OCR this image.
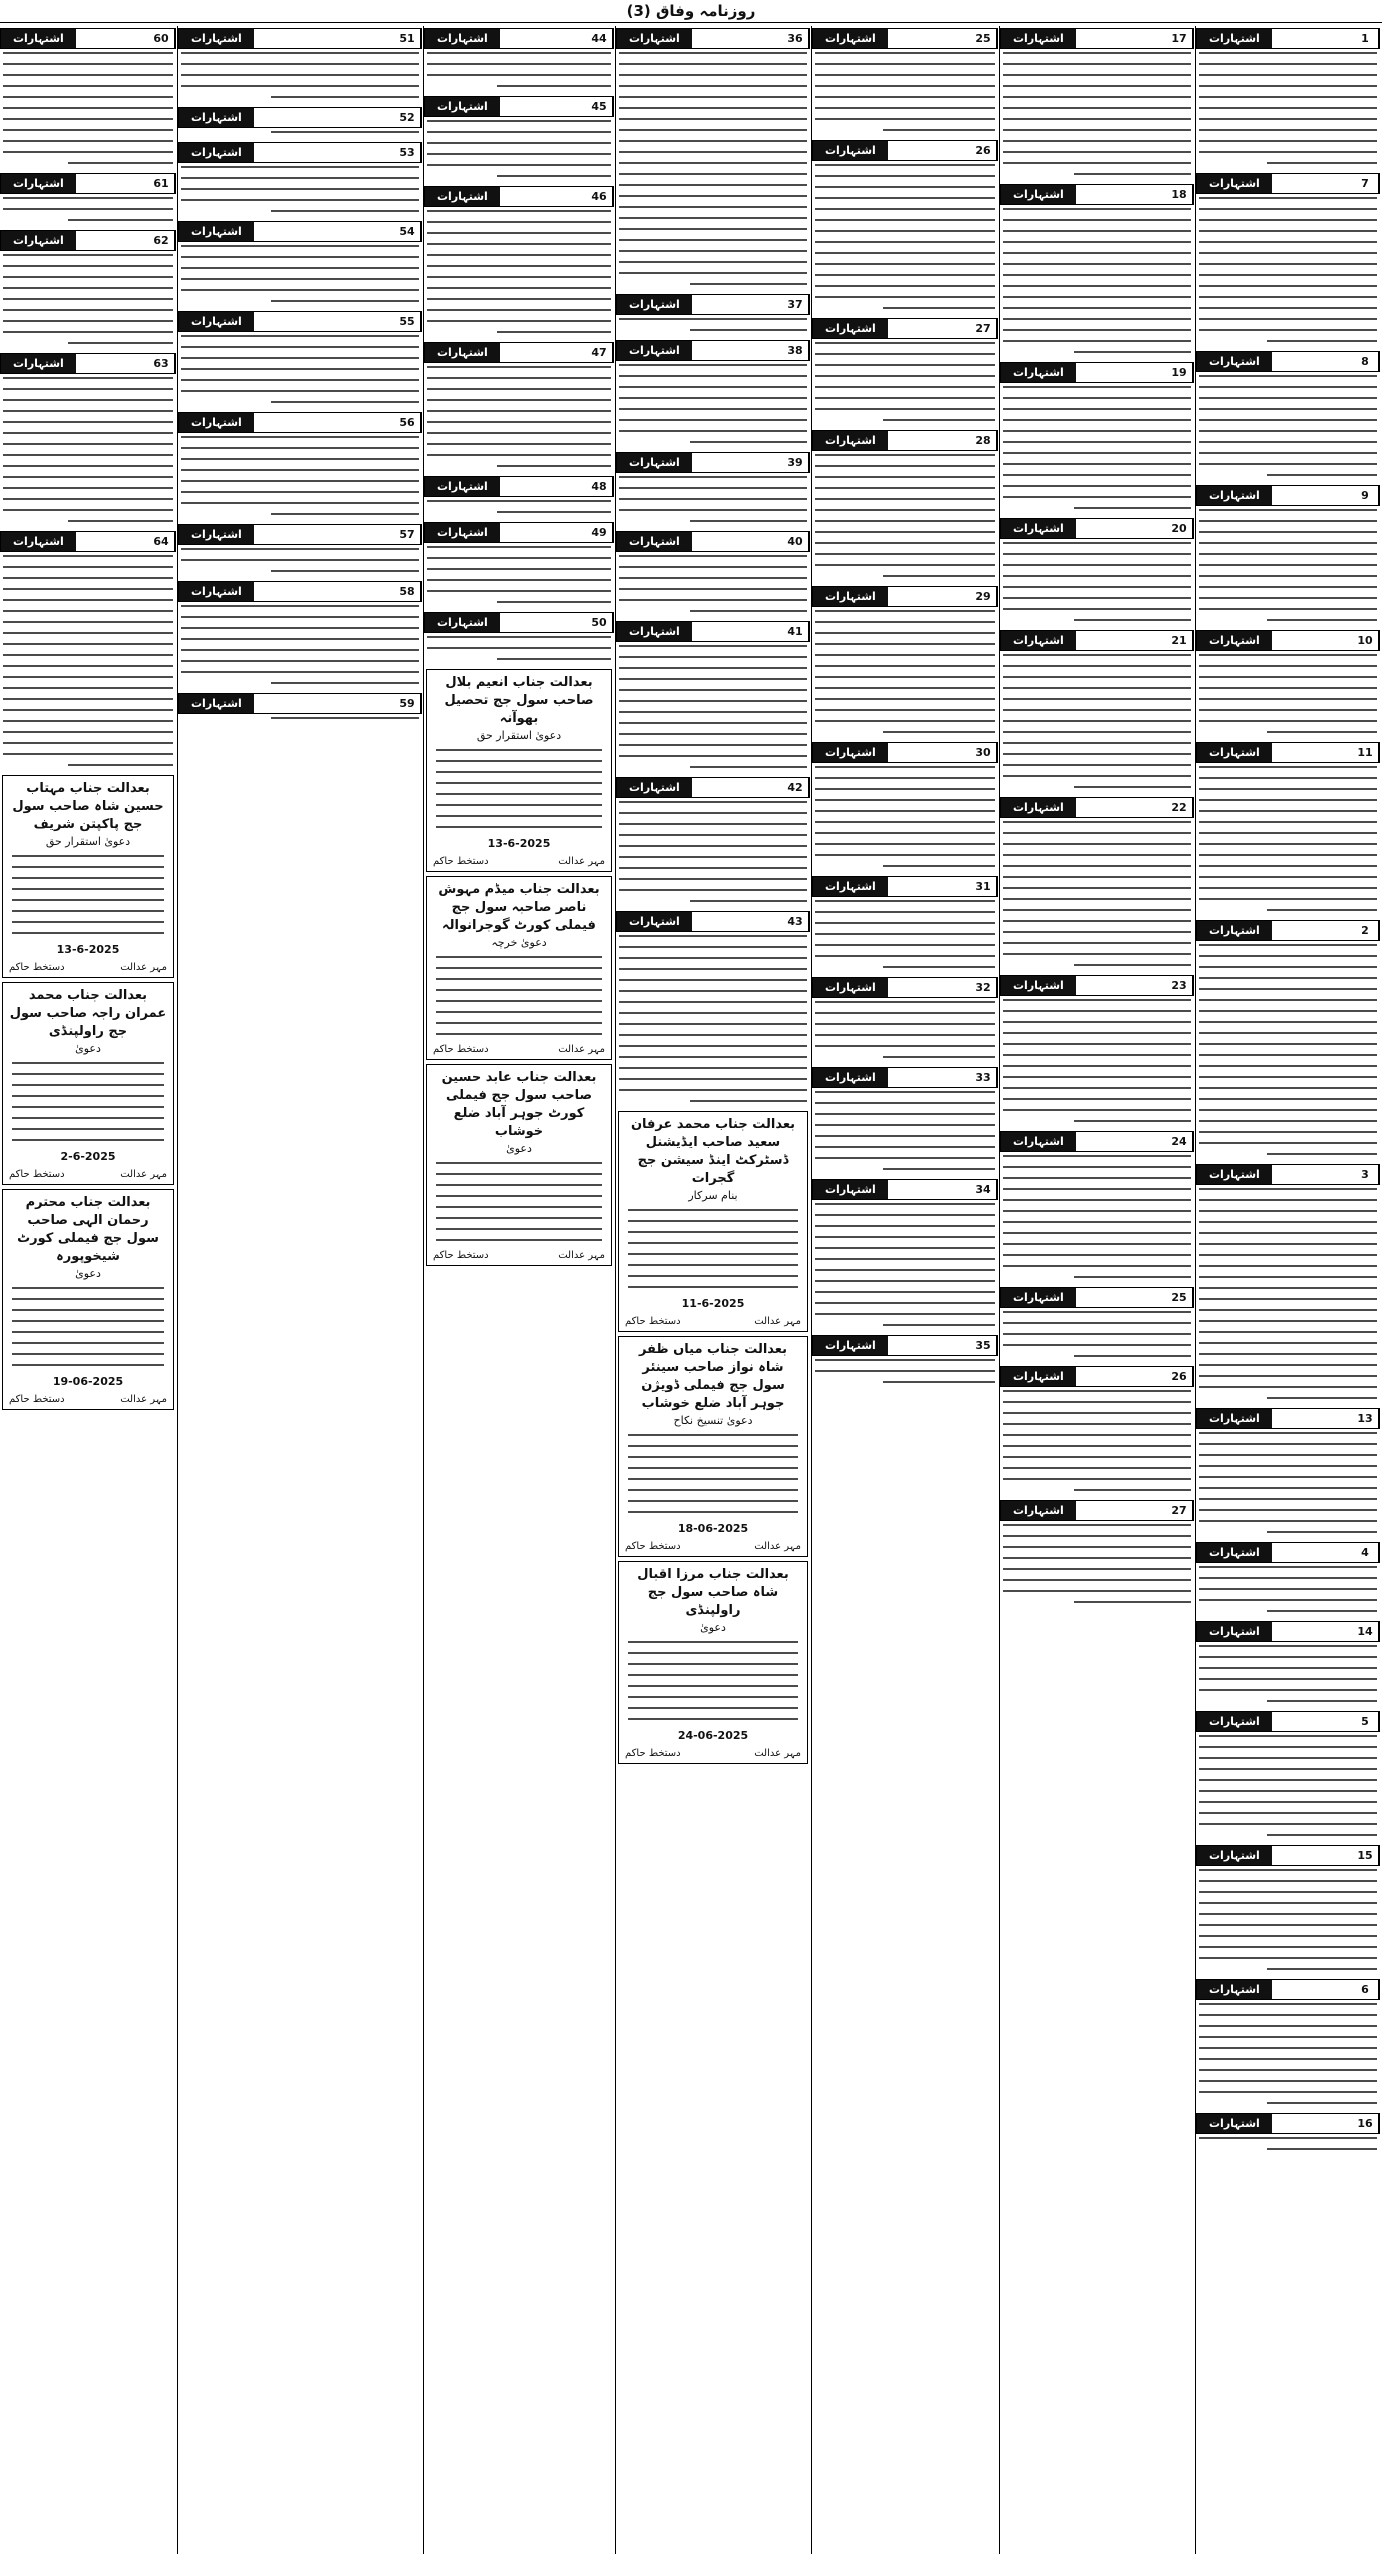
روزنامہ وفاق (3)
1
اشتہارات
7
اشتہارات
8
اشتہارات
9
اشتہارات
10
اشتہارات
11
اشتہارات
2
اشتہارات
3
اشتہارات
13
اشتہارات
4
اشتہارات
14
اشتہارات
5
اشتہارات
15
اشتہارات
6
اشتہارات
16
اشتہارات
17
اشتہارات
18
اشتہارات
19
اشتہارات
20
اشتہارات
21
اشتہارات
22
اشتہارات
23
اشتہارات
24
اشتہارات
25
اشتہارات
26
اشتہارات
27
اشتہارات
25
اشتہارات
26
اشتہارات
27
اشتہارات
28
اشتہارات
29
اشتہارات
30
اشتہارات
31
اشتہارات
32
اشتہارات
33
اشتہارات
34
اشتہارات
35
اشتہارات
36
اشتہارات
37
اشتہارات
38
اشتہارات
39
اشتہارات
40
اشتہارات
41
اشتہارات
42
اشتہارات
43
اشتہارات
بعدالت جناب محمد عرفان سعید صاحب ایڈیشنل ڈسٹرکٹ اینڈ سیشن جج گجرات
بنام سرکار
11-6-2025
مہر عدالت
دستخط حاکم
بعدالت جناب میاں ظفر شاہ نواز صاحب سینئر سول جج فیملی ڈویژن جوہر آباد ضلع خوشاب
دعویٰ تنسیخ نکاح
18-06-2025
مہر عدالت
دستخط حاکم
بعدالت جناب مرزا اقبال شاہ صاحب سول جج راولپنڈی
دعویٰ
24-06-2025
مہر عدالت
دستخط حاکم
44
اشتہارات
45
اشتہارات
46
اشتہارات
47
اشتہارات
48
اشتہارات
49
اشتہارات
50
اشتہارات
بعدالت جناب انعیم بلال صاحب سول جج تحصیل بھوآنہ
دعویٰ استقرار حق
13-6-2025
مہر عدالت
دستخط حاکم
بعدالت جناب میڈم مہوش ناصر صاحبہ سول جج فیملی کورٹ گوجرانوالہ
دعویٰ خرچہ
مہر عدالت
دستخط حاکم
بعدالت جناب عابد حسین صاحب سول جج فیملی کورٹ جوہر آباد ضلع خوشاب
دعویٰ
مہر عدالت
دستخط حاکم
51
اشتہارات
52
اشتہارات
53
اشتہارات
54
اشتہارات
55
اشتہارات
56
اشتہارات
57
اشتہارات
58
اشتہارات
59
اشتہارات
60
اشتہارات
61
اشتہارات
62
اشتہارات
63
اشتہارات
64
اشتہارات
بعدالت جناب مہتاب حسین شاہ صاحب سول جج پاکپتن شریف
دعویٰ استقرار حق
13-6-2025
مہر عدالت
دستخط حاکم
بعدالت جناب محمد عمران راجہ صاحب سول جج راولپنڈی
دعویٰ
2-6-2025
مہر عدالت
دستخط حاکم
بعدالت جناب محترم رحمان الہی صاحب سول جج فیملی کورٹ شیخوپورہ
دعویٰ
19-06-2025
مہر عدالت
دستخط حاکم
